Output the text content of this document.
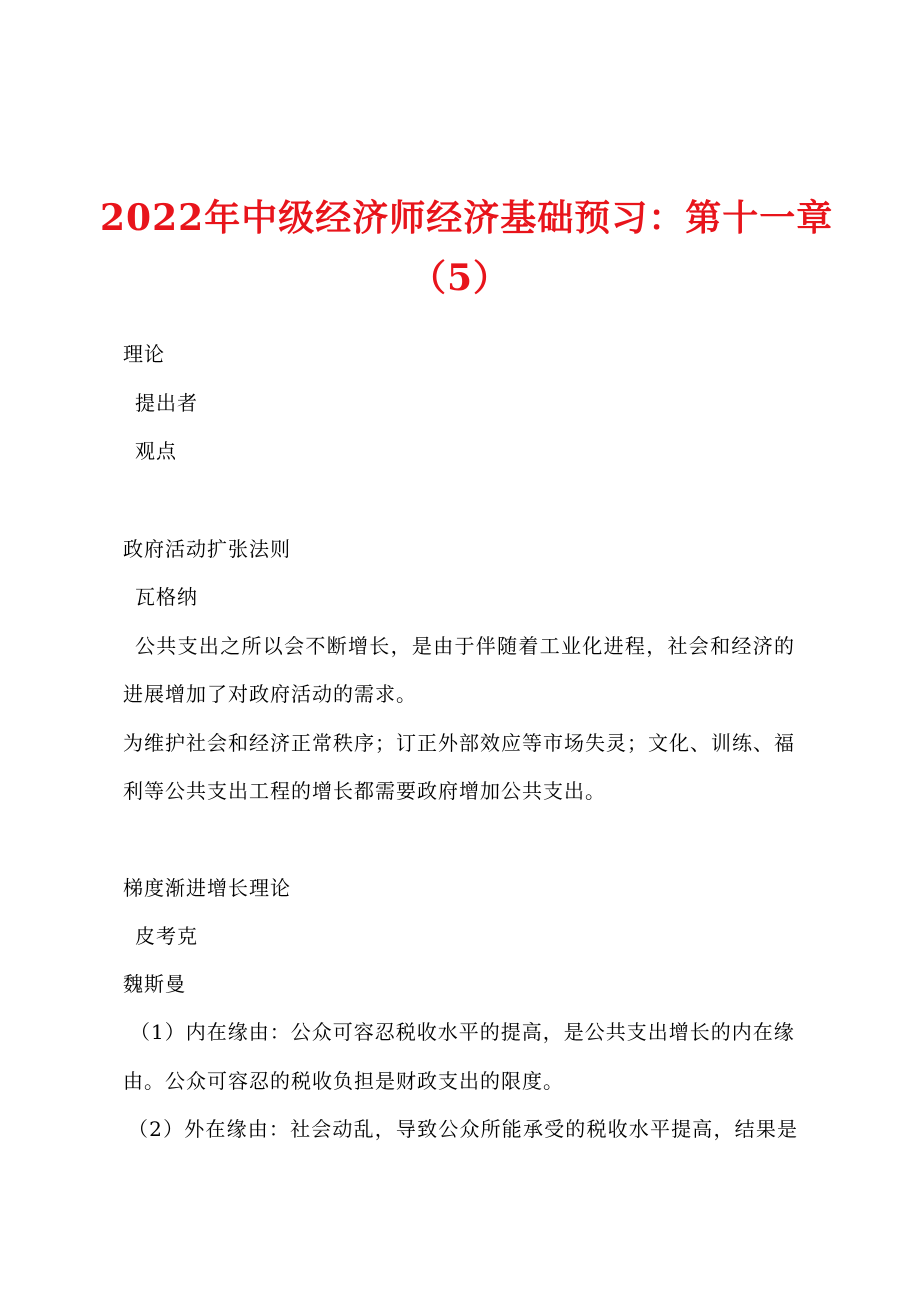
2022年中级经济师经济基础预习：第十一章
（5）
理论
提出者
观点
政府活动扩张法则
瓦格纳
公共支出之所以会不断增长，是由于伴随着工业化进程，社会和经济的
进展增加了对政府活动的需求。
为维护社会和经济正常秩序；订正外部效应等市场失灵；文化、训练、福
利等公共支出工程的增长都需要政府增加公共支出。
梯度渐进增长理论
皮考克
魏斯曼
（1）内在缘由：公众可容忍税收水平的提高，是公共支出增长的内在缘
由。公众可容忍的税收负担是财政支出的限度。
（2）外在缘由：社会动乱，导致公众所能承受的税收水平提高，结果是
